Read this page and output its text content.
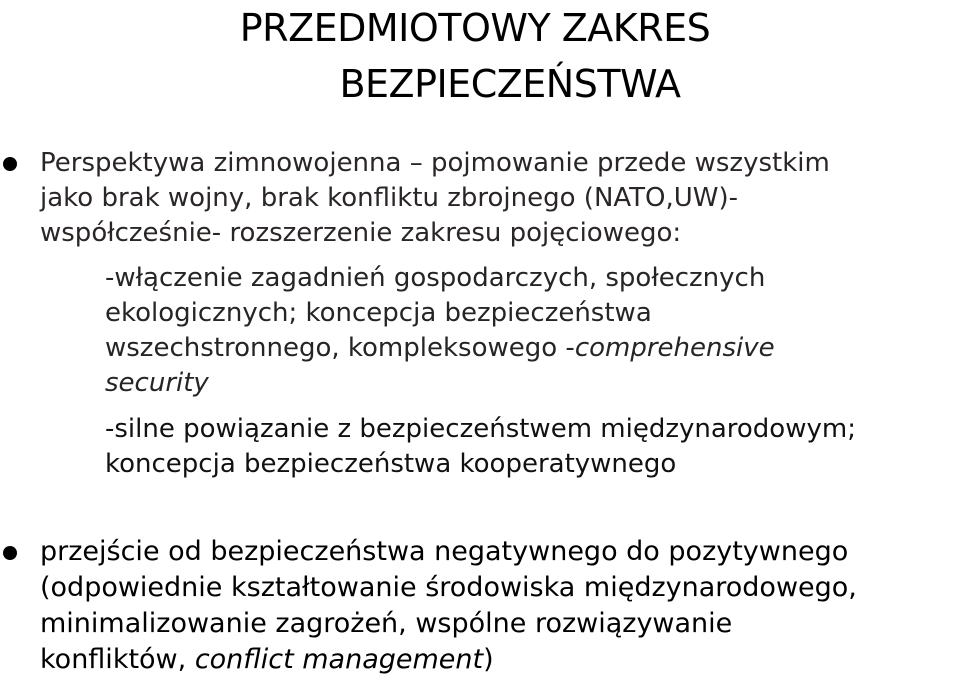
PRZEDMIOTOWY ZAKRES
BEZPIECZEŃSTWA
Perspektywa zimnowojenna – pojmowanie przede wszystkim
jako brak wojny, brak konfliktu zbrojnego (NATO,UW)-
współcześnie- rozszerzenie zakresu pojęciowego:
-włączenie zagadnień gospodarczych, społecznych
ekologicznych; koncepcja bezpieczeństwa
wszechstronnego, kompleksowego -comprehensive
security
-silne powiązanie z bezpieczeństwem międzynarodowym;
koncepcja bezpieczeństwa kooperatywnego
przejście od bezpieczeństwa negatywnego do pozytywnego
(odpowiednie kształtowanie środowiska międzynarodowego,
minimalizowanie zagrożeń, wspólne rozwiązywanie
konfliktów, conflict management)
